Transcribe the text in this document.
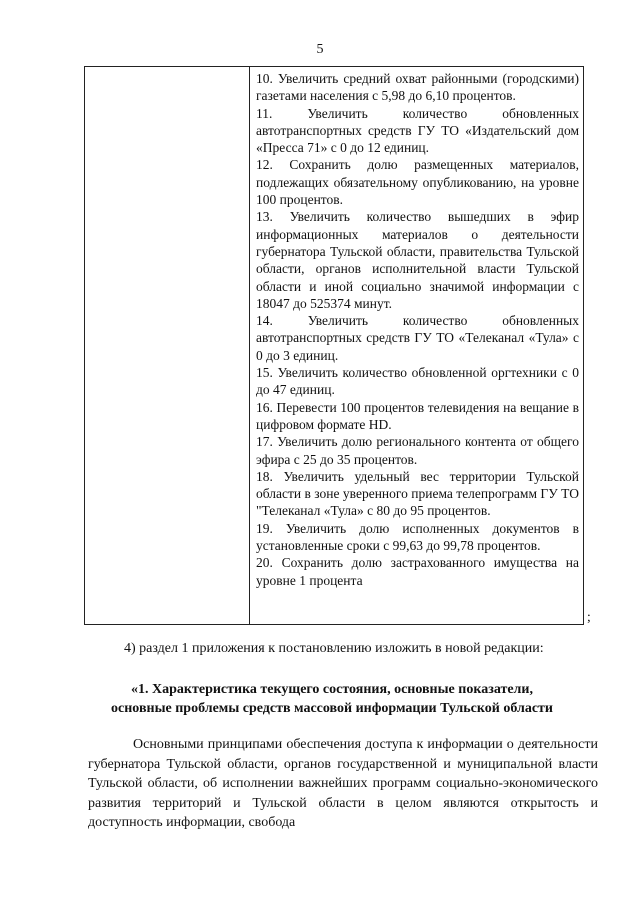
5

10. Увеличить средний охват районными (городскими) газетами населения с 5,98 до 6,10 процентов.

11. Увеличить количество обновленных автотранспортных средств ГУ ТО «Издательский дом «Пресса 71» с 0 до 12 единиц.

12. Сохранить долю размещенных материалов, подлежащих обязательному опубликованию, на уровне 100 процентов.

13. Увеличить количество вышедших в эфир информационных материалов о деятельности губернатора Тульской области, правительства Тульской области, органов исполнительной власти Тульской области и иной социально значимой информации с 18047 до 525374 минут.

14. Увеличить количество обновленных автотранспортных средств ГУ ТО «Телеканал «Тула» с 0 до 3 единиц.

15. Увеличить количество обновленной оргтехники с 0 до 47 единиц.

16. Перевести 100 процентов телевидения на вещание в цифровом формате HD.

17. Увеличить долю регионального контента от общего эфира с 25 до 35 процентов.

18. Увеличить удельный вес территории Тульской области в зоне уверенного приема телепрограмм ГУ ТО "Телеканал «Тула» с 80 до 95 процентов.

19. Увеличить долю исполненных документов в установленные сроки с 99,63 до 99,78 процентов.

20. Сохранить долю застрахованного имущества на уровне 1 процента

;
4) раздел 1 приложения к постановлению изложить в новой редакции:
«1. Характеристика текущего состояния, основные показатели,
основные проблемы средств массовой информации Тульской области

Основными принципами обеспечения доступа к информации о деятельности губернатора Тульской области, органов государственной и муниципальной власти Тульской области, об исполнении важнейших программ социально-экономического развития территорий и Тульской области в целом являются открытость и доступность информации, свобода
